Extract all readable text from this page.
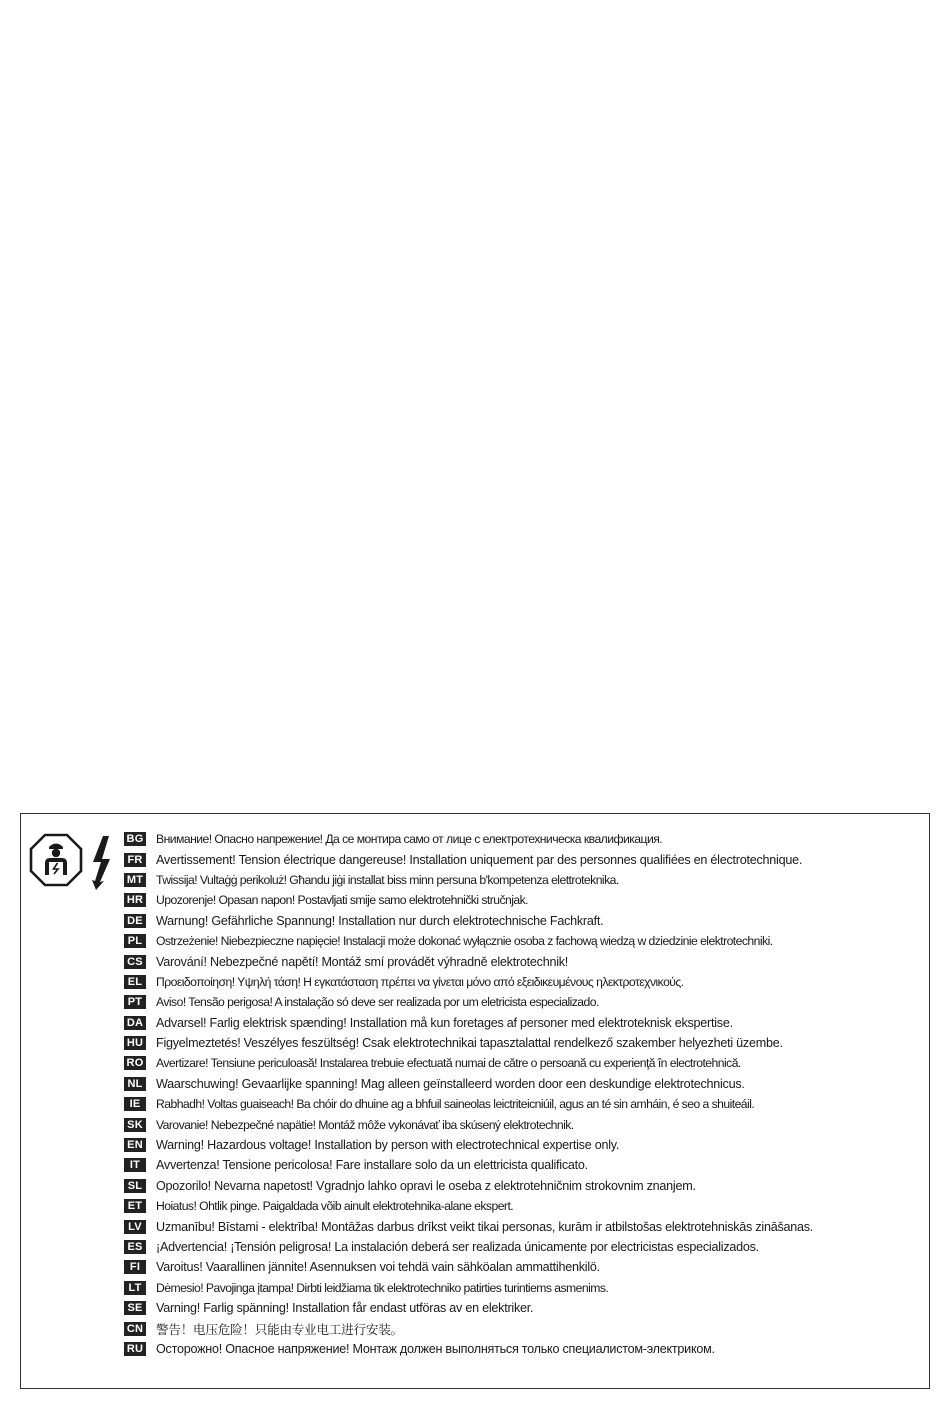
BG Внимание! Опасно напрежение! Да се монтира само от лице с електротехническа квалификация.
FR Avertissement! Tension électrique dangereuse! Installation uniquement par des personnes qualifiées en électrotechnique.
MT Twissija! Vultaġġ perikoluż! Għandu jiġi installat biss minn persuna b'kompetenza elettroteknika.
HR Upozorenje! Opasan napon! Postavljati smije samo elektrotehnički stručnjak.
DE Warnung! Gefährliche Spannung! Installation nur durch elektrotechnische Fachkraft.
PL	Ostrzeżenie! Niebezpieczne napięcie! Instalacji może dokonać wyłącznie osoba z fachową wiedzą w dziedzinie elektrotechniki.
CS Varování! Nebezpečné napětí! Montáž smí provádět výhradně elektrotechnik!
EL	Προειδοποίηση! Υψηλή τάση! Η εγκατάσταση πρέπει να γίνεται μόνο από εξειδικευμένους ηλεκτροτεχνικούς.
PT	Aviso! Tensão perigosa! A instalação só deve ser realizada por um eletricista especializado.
DA Advarsel! Farlig elektrisk spænding! Installation må kun foretages af personer med elektroteknisk ekspertise.
HU Figyelmeztetés! Veszélyes feszültség! Csak elektrotechnikai tapasztalattal rendelkező szakember helyezheti üzembe.
RO Avertizare! Tensiune periculoasă! Instalarea trebuie efectuată numai de către o persoană cu experienţă în electrotehnică.
NL Waarschuwing! Gevaarlijke spanning! Mag alleen geïnstalleerd worden door een deskundige elektrotechnicus.
IE	Rabhadh! Voltas guaiseach! Ba chóir do dhuine ag a bhfuil saineolas leictriteicniúil, agus an té sin amháin, é seo a shuiteáil.
SK Varovanie! Nebezpečné napätie! Montáž môže vykonávať iba skúsený elektrotechnik.
EN Warning! Hazardous voltage! Installation by person with electrotechnical expertise only.
IT	Avvertenza! Tensione pericolosa! Fare installare solo da un elettricista qualificato.
SL Opozorilo! Nevarna napetost! Vgradnjo lahko opravi le oseba z elektrotehničnim strokovnim znanjem.
ET	Hoiatus! Ohtlik pinge. Paigaldada võib ainult elektrotehnika-alane ekspert.
LV	Uzmanību! Bīstami - elektrība! Montāžas darbus drīkst veikt tikai personas, kurām ir atbilstošas elektrotehniskās zināšanas.
ES ¡Advertencia! ¡Tensión peligrosa! La instalación deberá ser realizada únicamente por electricistas especializados.
FI	Varoitus! Vaarallinen jännite! Asennuksen voi tehdä vain sähköalan ammattihenkilö.
LT	Dėmesio! Pavojinga įtampa! Dirbti leidžiama tik elektrotechniko patirties turintiems asmenims.
SE Varning! Farlig spänning! Installation får endast utföras av en elektriker.
CN 警告！电压危险！只能由专业电工进行安装。
RU Осторожно! Опасное напряжение! Монтаж должен выполняться только специалистом-электриком.
